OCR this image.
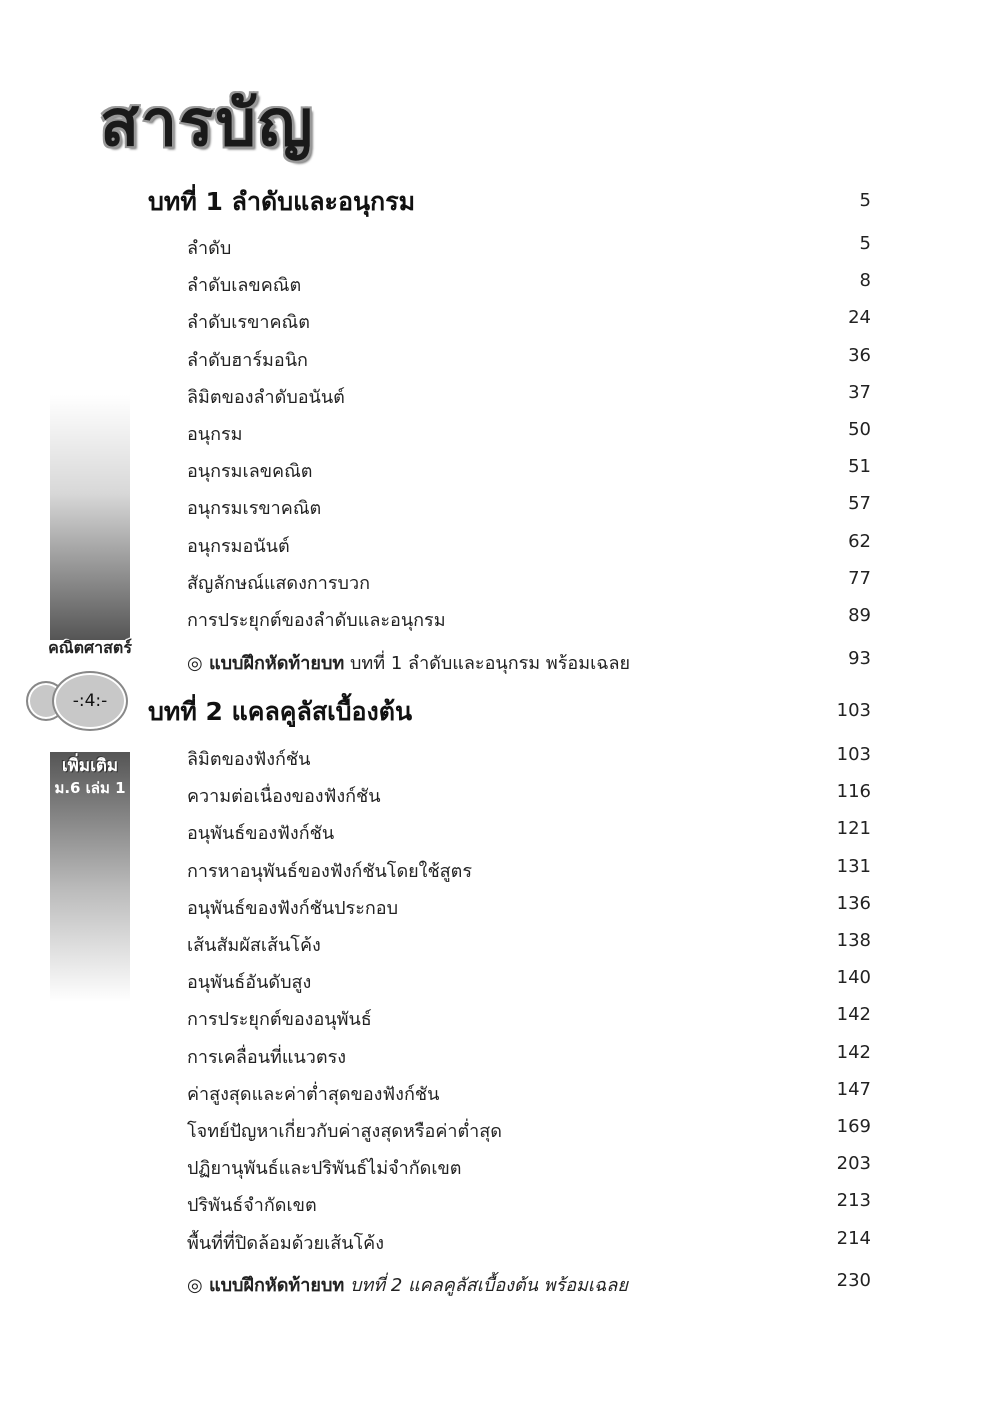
สารบัญ
คณิตศาสตร์
-:4:-
เพิ่มเติม
ม.6 เล่ม 1
บทที่ 1 ลำดับและอนุกรม	5
ลำดับ	5
ลำดับเลขคณิต	8
ลำดับเรขาคณิต	24
ลำดับฮาร์มอนิก	36
ลิมิตของลำดับอนันต์	37
อนุกรม	50
อนุกรมเลขคณิต	51
อนุกรมเรขาคณิต	57
อนุกรมอนันต์	62
สัญลักษณ์แสดงการบวก	77
การประยุกต์ของลำดับและอนุกรม	89
◎ แบบฝึกหัดท้ายบท บทที่ 1 ลำดับและอนุกรม พร้อมเฉลย	93
บทที่ 2 แคลคูลัสเบื้องต้น	103
ลิมิตของฟังก์ชัน	103
ความต่อเนื่องของฟังก์ชัน	116
อนุพันธ์ของฟังก์ชัน	121
การหาอนุพันธ์ของฟังก์ชันโดยใช้สูตร	131
อนุพันธ์ของฟังก์ชันประกอบ	136
เส้นสัมผัสเส้นโค้ง	138
อนุพันธ์อันดับสูง	140
การประยุกต์ของอนุพันธ์	142
การเคลื่อนที่แนวตรง	142
ค่าสูงสุดและค่าต่ำสุดของฟังก์ชัน	147
โจทย์ปัญหาเกี่ยวกับค่าสูงสุดหรือค่าต่ำสุด	169
ปฏิยานุพันธ์และปริพันธ์ไม่จำกัดเขต	203
ปริพันธ์จำกัดเขต	213
พื้นที่ที่ปิดล้อมด้วยเส้นโค้ง	214
◎ แบบฝึกหัดท้ายบท บทที่ 2 แคลคูลัสเบื้องต้น พร้อมเฉลย	230
